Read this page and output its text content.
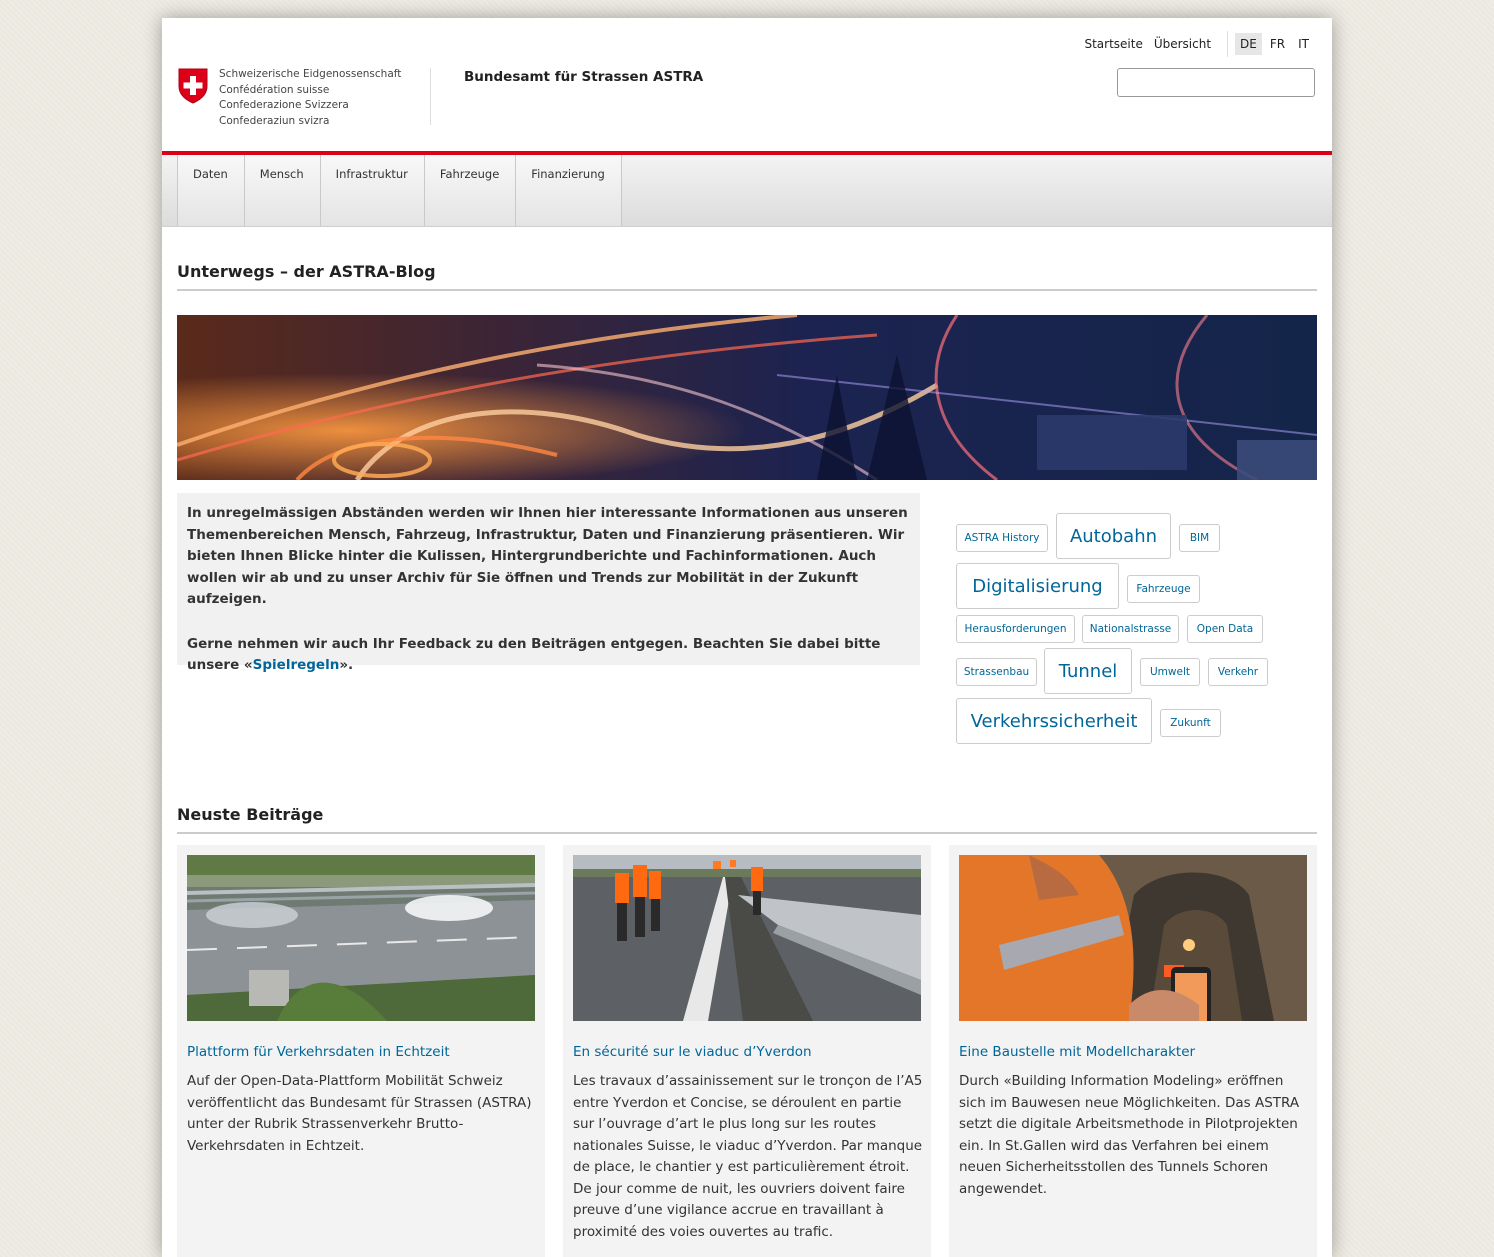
Schweizerische Eidgenossenschaft
Confédération suisse
Confederazione Svizzera
Confederaziun svizra
Bundesamt für Strassen ASTRA
Startseite Übersicht	DE	FR	IT
Daten	Mensch	Infrastruktur	Fahrzeuge	Finanzierung
Unterwegs – der ASTRA-Blog

In unregelmässigen Abständen werden wir Ihnen hier interessante Informationen aus unseren Themenbereichen Mensch, Fahrzeug, Infrastruktur, Daten und Finanzierung präsentieren. Wir bieten Ihnen Blicke hinter die Kulissen, Hintergrundberichte und Fachinformationen. Auch wollen wir ab und zu unser Archiv für Sie öffnen und Trends zur Mobilität in der Zukunft aufzeigen.

Gerne nehmen wir auch Ihr Feedback zu den Beiträgen entgegen. Beachten Sie dabei bitte unsere «Spielregeln».

ASTRA History	Autobahn	BIM
Digitalisierung	Fahrzeuge
Herausforderungen	Nationalstrasse	Open Data
Strassenbau	Tunnel	Umwelt	Verkehr
Verkehrssicherheit	Zukunft
Neuste Beiträge
Plattform für Verkehrsdaten in Echtzeit
Auf der Open-Data-Plattform Mobilität Schweiz veröffentlicht das Bundesamt für Strassen (ASTRA) unter der Rubrik Strassenverkehr Brutto-Verkehrsdaten in Echtzeit.
En sécurité sur le viaduc d’Yverdon
Les travaux d’assainissement sur le tronçon de l’A5 entre Yverdon et Concise, se déroulent en partie sur l’ouvrage d’art le plus long sur les routes nationales Suisse, le viaduc d’Yverdon. Par manque de place, le chantier y est particulièrement étroit. De jour comme de nuit, les ouvriers doivent faire preuve d’une vigilance accrue en travaillant à proximité des voies ouvertes au trafic.
Eine Baustelle mit Modellcharakter
Durch «Building Information Modeling» eröffnen sich im Bauwesen neue Möglichkeiten. Das ASTRA setzt die digitale Arbeitsmethode in Pilotprojekten ein. In St.Gallen wird das Verfahren bei einem neuen Sicherheitsstollen des Tunnels Schoren angewendet.
